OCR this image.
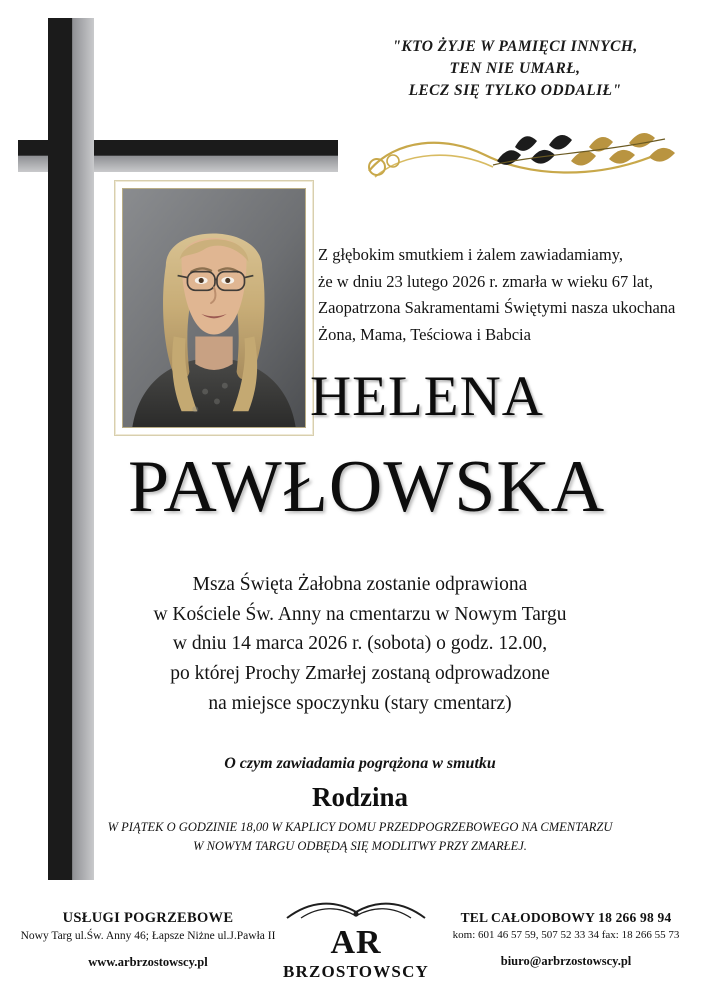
"KTO ŻYJE W PAMIĘCI INNYCH,
TEN NIE UMARŁ,
LECZ SIĘ TYLKO ODDALIŁ"
Z głębokim smutkiem i żalem zawiadamiamy,
że w dniu 23 lutego 2026 r. zmarła w wieku 67 lat,
Zaopatrzona Sakramentami Świętymi nasza ukochana
Żona, Mama, Teściowa i Babcia
HELENA
PAWŁOWSKA
Msza Święta Żałobna zostanie odprawiona
w Kościele Św. Anny na cmentarzu w Nowym Targu
w dniu 14 marca 2026 r. (sobota) o godz. 12.00,
po której Prochy Zmarłej zostaną odprowadzone
na miejsce spoczynku (stary cmentarz)
O czym zawiadamia pogrążona w smutku
Rodzina
W PIĄTEK O GODZINIE 18,00 W KAPLICY DOMU PRZEDPOGRZEBOWEGO NA CMENTARZU
W NOWYM TARGU ODBĘDĄ SIĘ MODLITWY PRZY ZMARŁEJ.
USŁUGI POGRZEBOWE
Nowy Targ ul.Św. Anny 46; Łapsze Niżne ul.J.Pawła II
www.arbrzostowscy.pl
AR
BRZOSTOWSCY
TEL CAŁODOBOWY 18 266 98 94
kom: 601 46 57 59, 507 52 33 34 fax: 18 266 55 73
biuro@arbrzostowscy.pl
